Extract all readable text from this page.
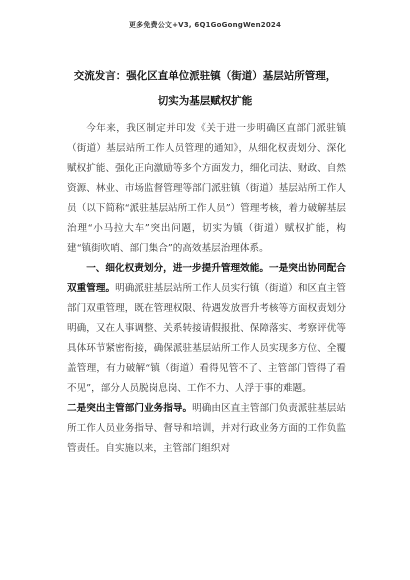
更多免费公文+V3, 6Q1GoGongWen2024
交流发言：强化区直单位派驻镇（街道）基层站所管理，
切实为基层赋权扩能

今年来，我区制定并印发《关于进一步明确区直部门派驻镇（街道）基层站所工作人员管理的通知》，从细化权责划分、深化赋权扩能、强化正向激励等多个方面发力，细化司法、财政、自然资源、林业、市场监督管理等部门派驻镇（街道）基层站所工作人员（以下简称“派驻基层站所工作人员”）管理考核，着力破解基层治理“小马拉大车”突出问题，切实为镇（街道）赋权扩能，构建“镇街吹哨、部门集合”的高效基层治理体系。

一、细化权责划分，进一步提升管理效能。一是突出协同配合双重管理。明确派驻基层站所工作人员实行镇（街道）和区直主管部门双重管理，既在管理权限、待遇发放晋升考核等方面权责划分明确，又在人事调整、关系转接请假报批、保障落实、考察评优等具体环节紧密衔接，确保派驻基层站所工作人员实现多方位、全覆盖管理，有力破解“镇（街道）看得见管不了、主管部门管得了看不见”，部分人员脱岗息岗、工作不力、人浮于事的难题。

二是突出主管部门业务指导。明确由区直主管部门负责派驻基层站所工作人员业务指导、督导和培训，并对行政业务方面的工作负监管责任。自实施以来，主管部门组织对
